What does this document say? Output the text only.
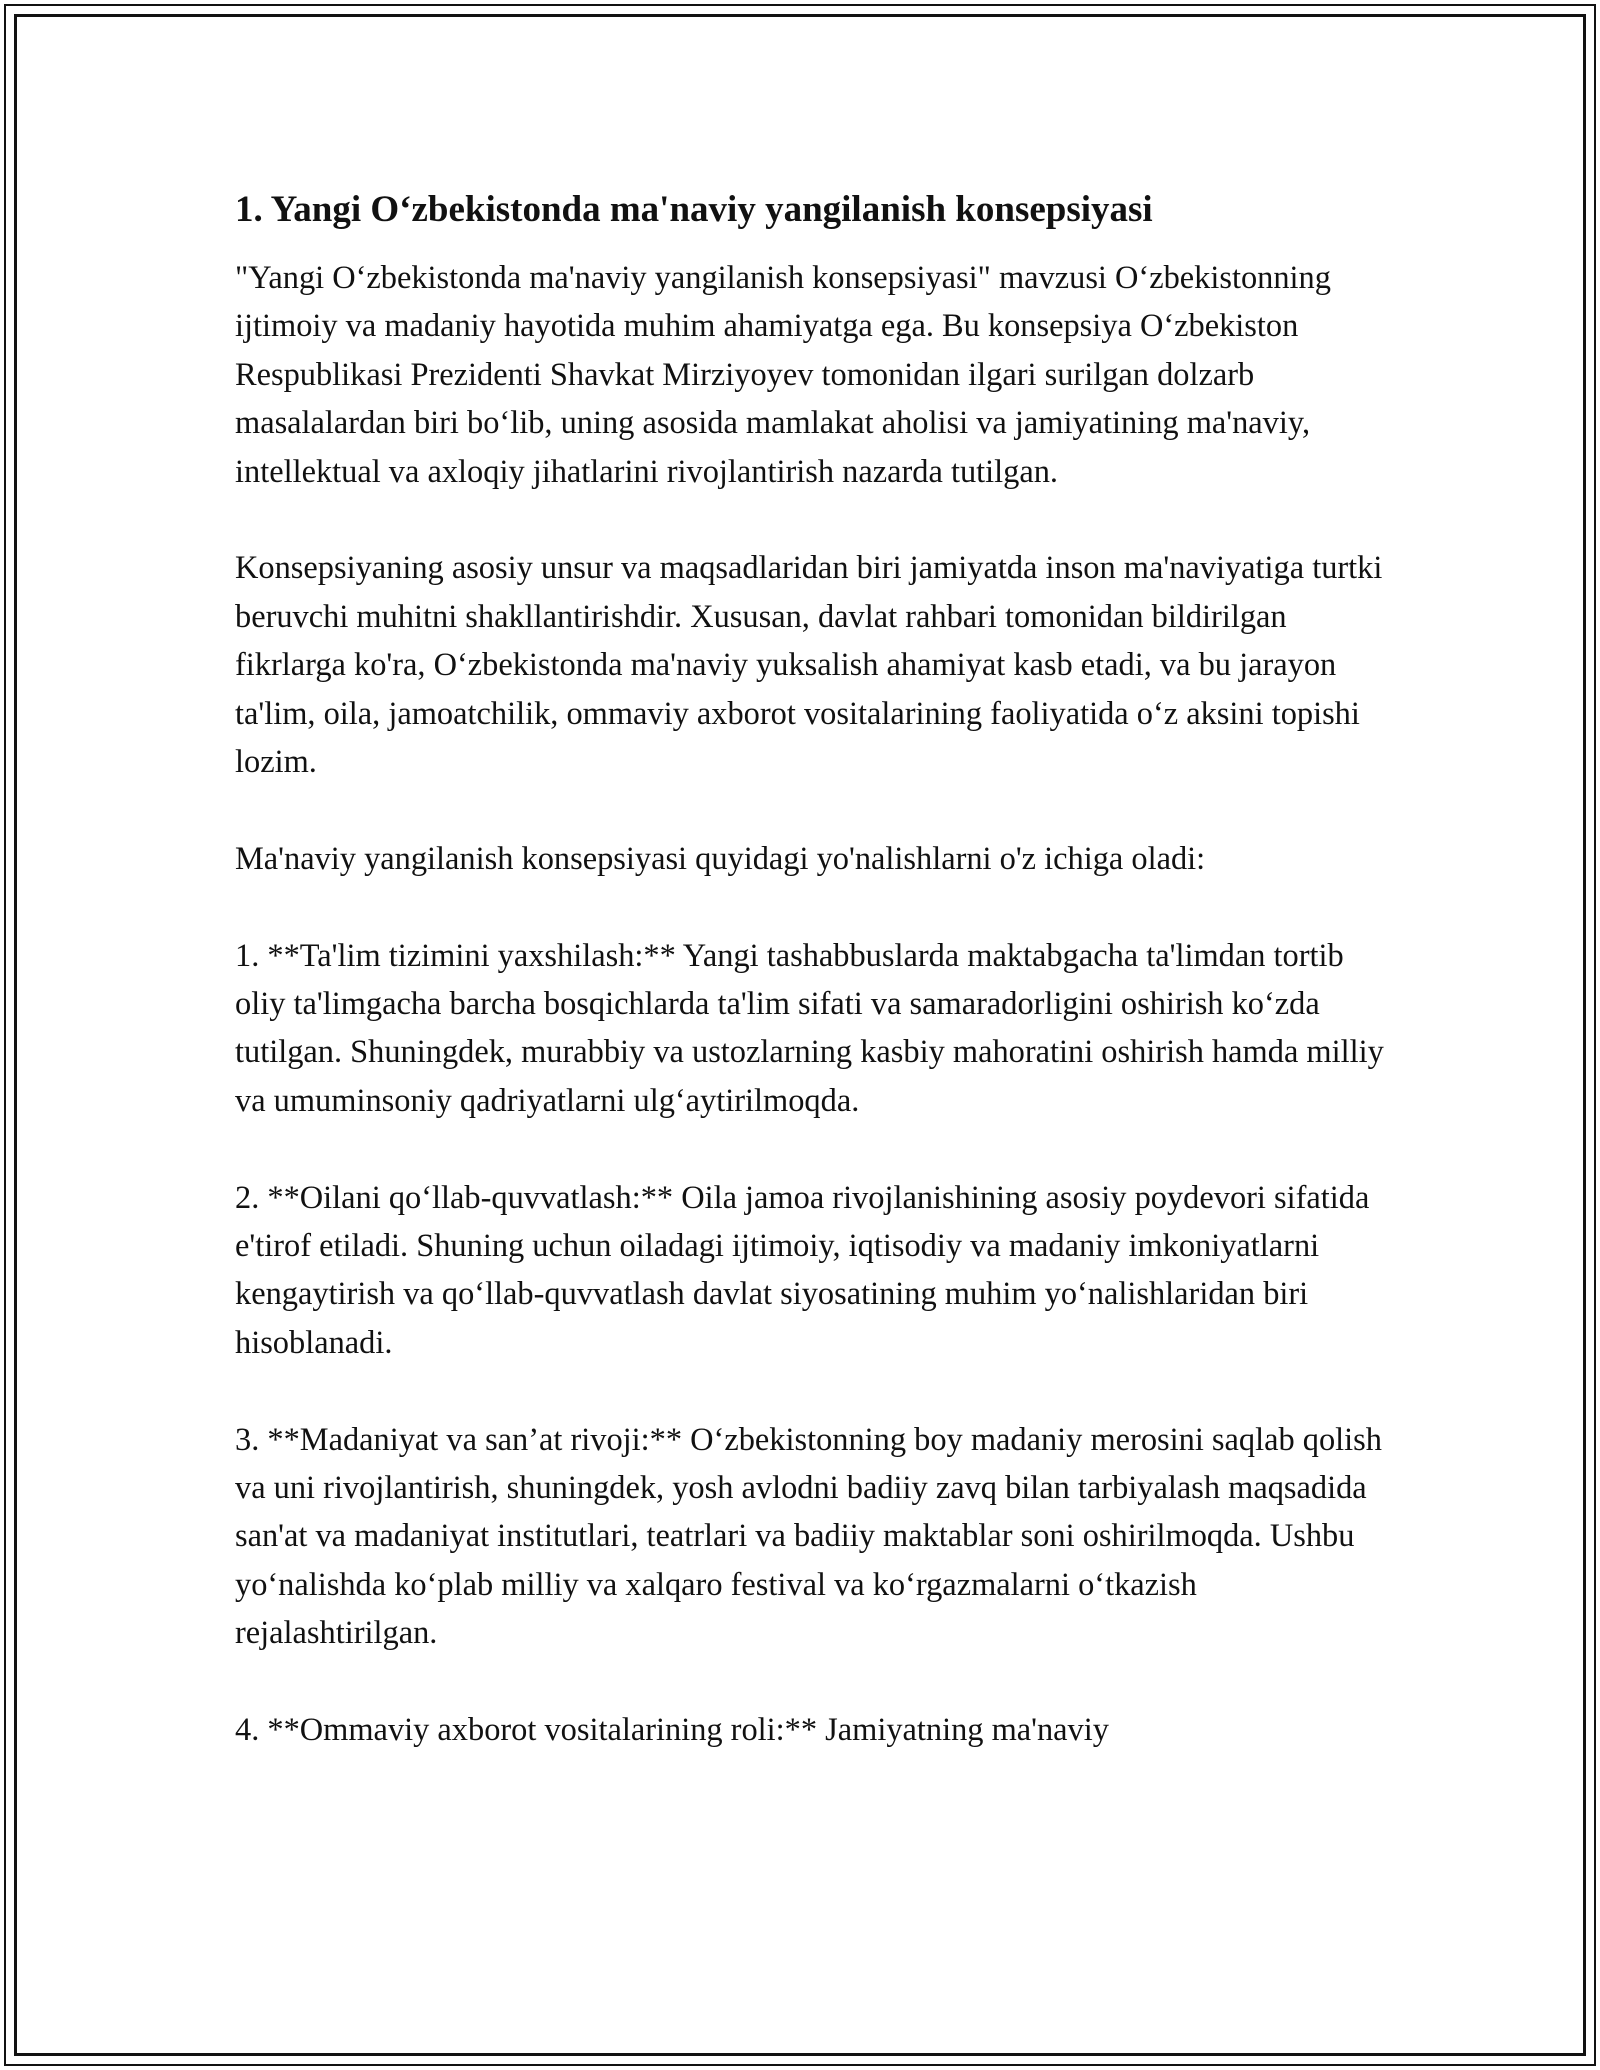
1. Yangi O‘zbekistonda ma'naviy yangilanish konsepsiyasi

"Yangi O‘zbekistonda ma'naviy yangilanish konsepsiyasi" mavzusi O‘zbekistonning ijtimoiy va madaniy hayotida muhim ahamiyatga ega. Bu konsepsiya O‘zbekiston Respublikasi Prezidenti Shavkat Mirziyoyev tomonidan ilgari surilgan dolzarb masalalardan biri bo‘lib, uning asosida mamlakat aholisi va jamiyatining ma'naviy, intellektual va axloqiy jihatlarini rivojlantirish nazarda tutilgan.

Konsepsiyaning asosiy unsur va maqsadlaridan biri jamiyatda inson ma'naviyatiga turtki beruvchi muhitni shakllantirishdir. Xususan, davlat rahbari tomonidan bildirilgan fikrlarga ko'ra, O‘zbekistonda ma'naviy yuksalish ahamiyat kasb etadi, va bu jarayon ta'lim, oila, jamoatchilik, ommaviy axborot vositalarining faoliyatida o‘z aksini topishi lozim.

Ma'naviy yangilanish konsepsiyasi quyidagi yo'nalishlarni o'z ichiga oladi:

1. **Ta'lim tizimini yaxshilash:** Yangi tashabbuslarda maktabgacha ta'limdan tortib oliy ta'limgacha barcha bosqichlarda ta'lim sifati va samaradorligini oshirish ko‘zda tutilgan. Shuningdek, murabbiy va ustozlarning kasbiy mahoratini oshirish hamda milliy va umuminsoniy qadriyatlarni ulg‘aytirilmoqda.

2. **Oilani qo‘llab-quvvatlash:** Oila jamoa rivojlanishining asosiy poydevori sifatida e'tirof etiladi. Shuning uchun oiladagi ijtimoiy, iqtisodiy va madaniy imkoniyatlarni kengaytirish va qo‘llab-quvvatlash davlat siyosatining muhim yo‘nalishlaridan biri hisoblanadi.

3. **Madaniyat va san’at rivoji:** O‘zbekistonning boy madaniy merosini saqlab qolish va uni rivojlantirish, shuningdek, yosh avlodni badiiy zavq bilan tarbiyalash maqsadida san'at va madaniyat institutlari, teatrlari va badiiy maktablar soni oshirilmoqda. Ushbu yo‘nalishda ko‘plab milliy va xalqaro festival va ko‘rgazmalarni o‘tkazish rejalashtirilgan.

4. **Ommaviy axborot vositalarining roli:** Jamiyatning ma'naviy
